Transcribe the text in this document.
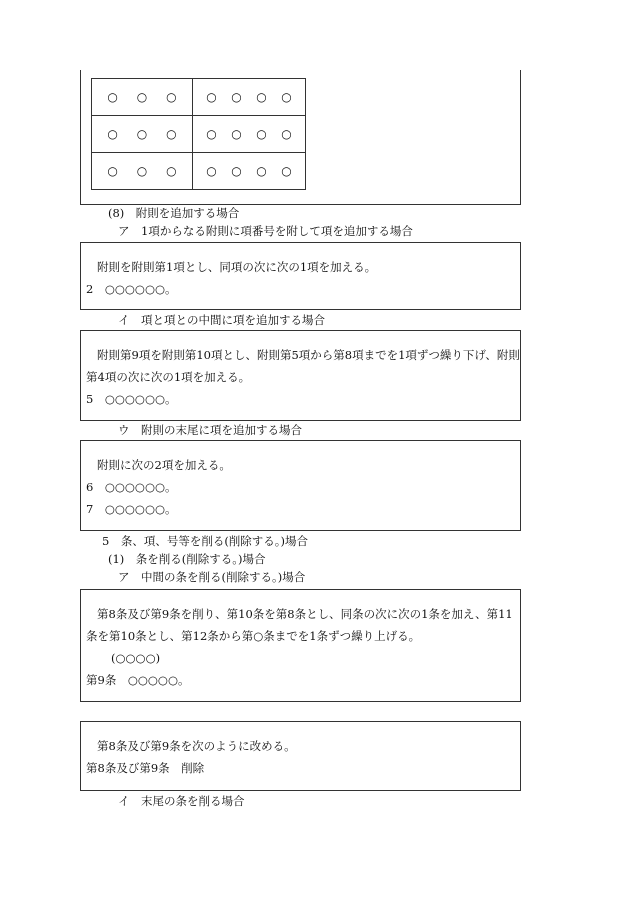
○ ○ ○	○ ○ ○ ○

○ ○ ○	○ ○ ○ ○

○ ○ ○	○ ○ ○ ○
(8)　附則を追加する場合
ア　1項からなる附則に項番号を附して項を追加する場合
附則を附則第1項とし、同項の次に次の1項を加える。
2　○○○○○○。
イ　項と項との中間に項を追加する場合
附則第9項を附則第10項とし、附則第5項から第8項までを1項ずつ繰り下げ、附則
第4項の次に次の1項を加える。
5　○○○○○○。
ウ　附則の末尾に項を追加する場合
附則に次の2項を加える。
6　○○○○○○。
7　○○○○○○。
5　条、項、号等を削る(削除する。)場合
(1)　条を削る(削除する。)場合
ア　中間の条を削る(削除する。)場合
第8条及び第9条を削り、第10条を第8条とし、同条の次に次の1条を加え、第11
条を第10条とし、第12条から第○条までを1条ずつ繰り上げる。
(○○○○)
第9条　○○○○○。
第8条及び第9条を次のように改める。
第8条及び第9条　削除
イ　末尾の条を削る場合
